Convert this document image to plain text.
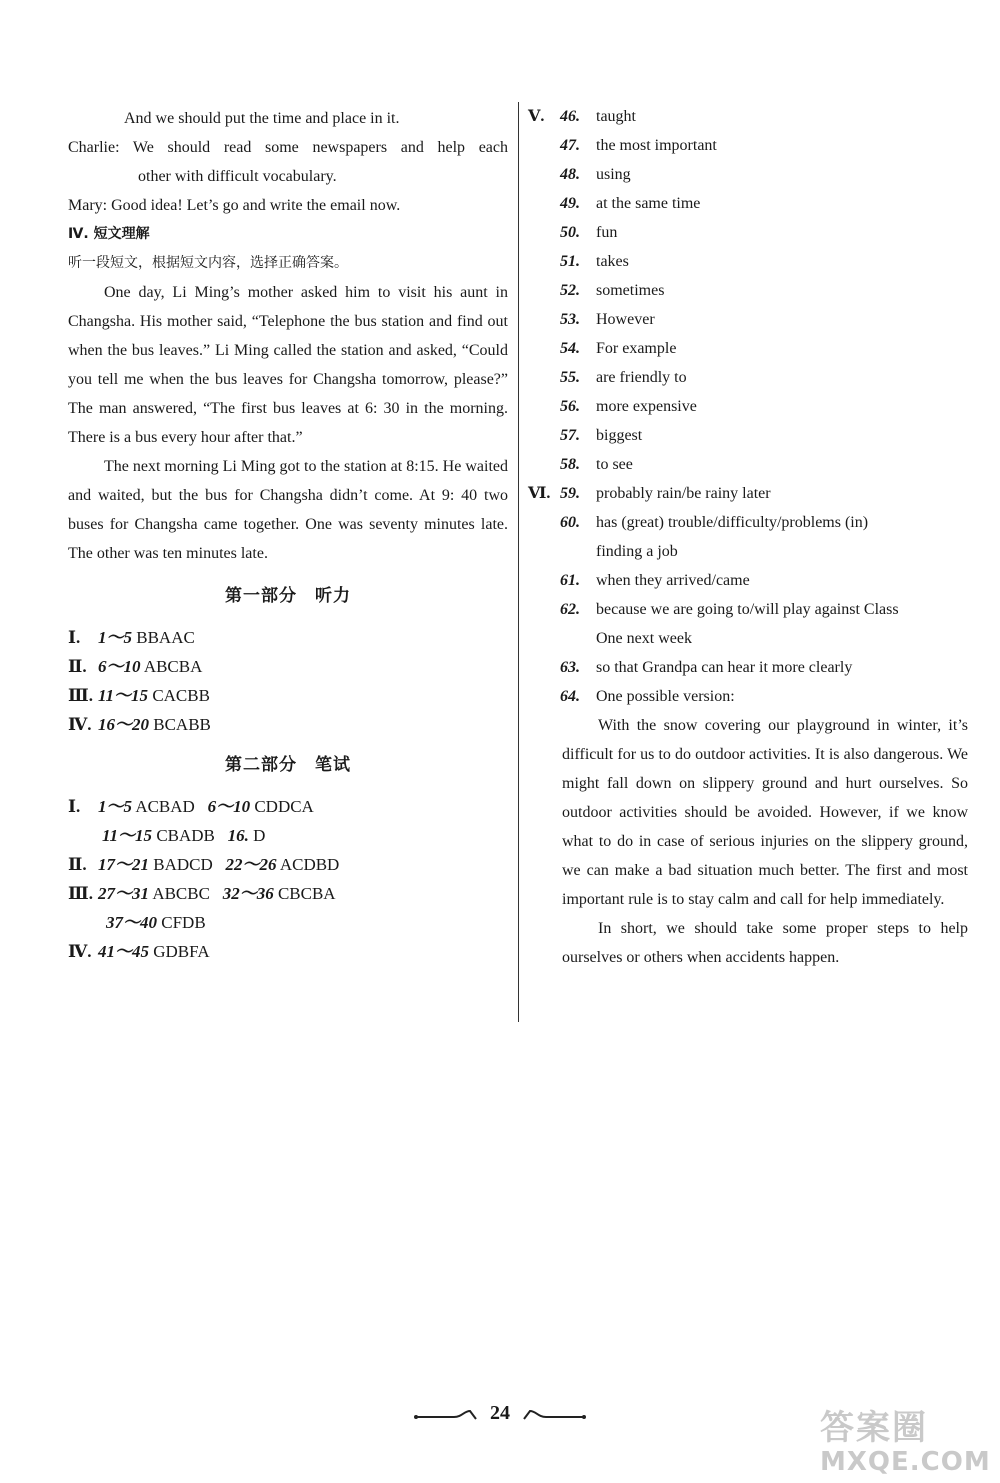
And we should put the time and place in it.
Charlie: We should read some newspapers and help each
other with difficult vocabulary.
Mary: Good idea! Let’s go and write the email now.
Ⅳ. 短文理解
听一段短文，根据短文内容，选择正确答案。
One day, Li Ming’s mother asked him to visit his aunt in Changsha. His mother said, “Telephone the bus station and find out when the bus leaves.” Li Ming called the station and asked, “Could you tell me when the bus leaves for Changsha tomorrow, please?” The man answered, “The first bus leaves at 6: 30 in the morning. There is a bus every hour after that.”
The next morning Li Ming got to the station at 8:15. He waited and waited, but the bus for Changsha didn’t come. At 9: 40 two buses for Changsha came together. One was seventy minutes late. The other was ten minutes late.
第一部分　听力
Ⅰ. 1～5 BBAAC
Ⅱ. 6～10 ABCBA
Ⅲ. 11～15 CACBB
Ⅳ. 16～20 BCABB
第二部分　笔试
Ⅰ. 1～5 ACBAD 6～10 CDDCA
11～15 CBADB 16. D
Ⅱ. 17～21 BADCD 22～26 ACDBD
Ⅲ. 27～31 ABCBC 32～36 CBCBA
37～40 CFDB
Ⅳ. 41～45 GDBFA
Ⅴ. 46. taught
47. the most important
48. using
49. at the same time
50. fun
51. takes
52. sometimes
53. However
54. For example
55. are friendly to
56. more expensive
57. biggest
58. to see
Ⅵ. 59. probably rain/be rainy later
60. has (great) trouble/difficulty/problems (in)
finding a job
61. when they arrived/came
62. because we are going to/will play against Class
One next week
63. so that Grandpa can hear it more clearly
64. One possible version:

With the snow covering our playground in winter, it’s difficult for us to do outdoor activities. It is also dangerous. We might fall down on slippery ground and hurt ourselves. So outdoor activities should be avoided. However, if we know what to do in case of serious injuries on the slippery ground, we can make a bad situation much better. The first and most important rule is to stay calm and call for help immediately.

In short, we should take some proper steps to help ourselves or others when accidents happen.

24	答案圈
MXQE.COM
